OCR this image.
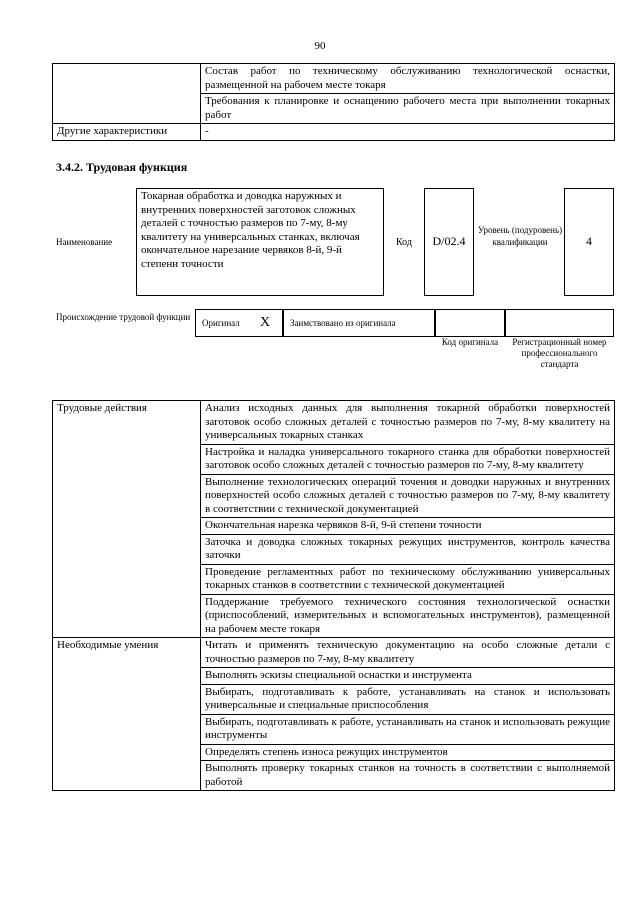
90
	Состав работ по техническому обслуживанию технологической оснастки, размещенной на рабочем месте токаря
	Требования к планировке и оснащению рабочего места при выполнении токарных работ
Другие характеристики	-
3.4.2. Трудовая функция
Наименование
Токарная обработка и доводка наружных и внутренних поверхностей заготовок сложных деталей с точностью размеров по 7-му, 8-му квалитету на универсальных станках, включая окончательное нарезание червяков 8-й, 9-й степени точности
Код	D/02.4
Уровень (подуровень) квалификации	4
Происхождение трудовой функции
Оригинал X Заимствовано из оригинала
Код оригинала	Регистрационный номер профессионального стандарта
Трудовые действия	Анализ исходных данных для выполнения токарной обработки поверхностей заготовок особо сложных деталей с точностью размеров по 7-му, 8-му квалитету на универсальных токарных станках
	Настройка и наладка универсального токарного станка для обработки поверхностей заготовок особо сложных деталей с точностью размеров по 7-му, 8-му квалитету
	Выполнение технологических операций точения и доводки наружных и внутренних поверхностей особо сложных деталей с точностью размеров по 7-му, 8-му квалитету в соответствии с технической документацией
	Окончательная нарезка червяков 8-й, 9-й степени точности
	Заточка и доводка сложных токарных режущих инструментов, контроль качества заточки
	Проведение регламентных работ по техническому обслуживанию универсальных токарных станков в соответствии с технической документацией
	Поддержание требуемого технического состояния технологической оснастки (приспособлений, измерительных и вспомогательных инструментов), размещенной на рабочем месте токаря
Необходимые умения	Читать и применять техническую документацию на особо сложные детали с точностью размеров по 7-му, 8-му квалитету
	Выполнять эскизы специальной оснастки и инструмента
	Выбирать, подготавливать к работе, устанавливать на станок и использовать универсальные и специальные приспособления
	Выбирать, подготавливать к работе, устанавливать на станок и использовать режущие инструменты
	Определять степень износа режущих инструментов
	Выполнять проверку токарных станков на точность в соответствии с выполняемой работой
